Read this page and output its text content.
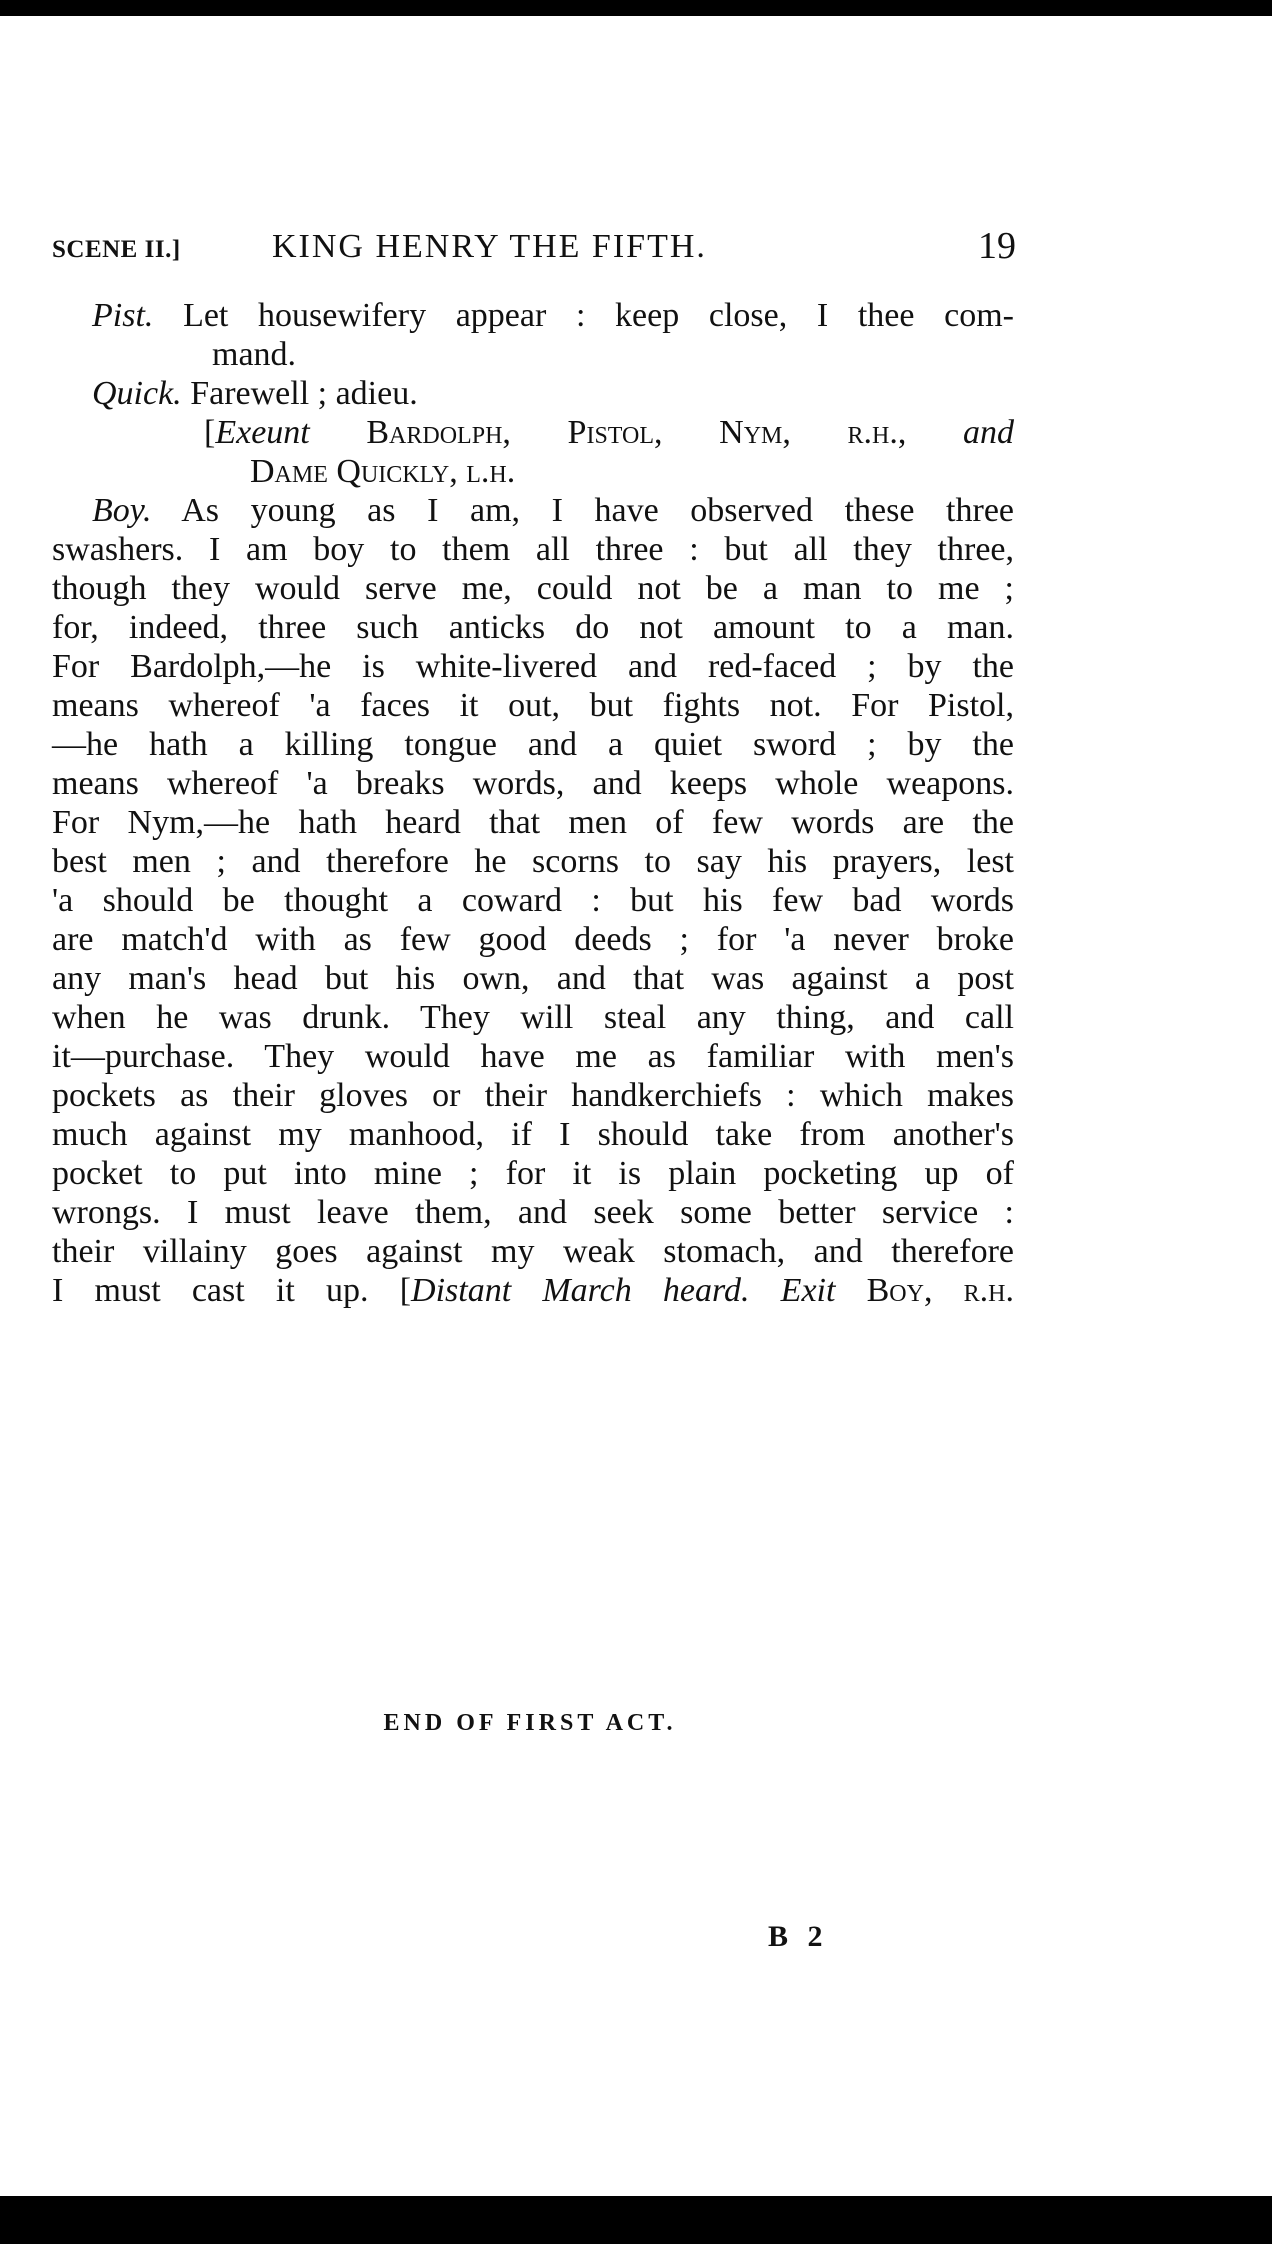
SCENE II.]	KING HENRY THE FIFTH.	19
Pist. Let housewifery appear : keep close, I thee com-
mand.
Quick. Farewell ; adieu.
[Exeunt Bardolph, Pistol, Nym, r.h., and
Dame Quickly, l.h.
Boy. As young as I am, I have observed these three
swashers. I am boy to them all three : but all they three,
though they would serve me, could not be a man to me ;
for, indeed, three such anticks do not amount to a man.
For Bardolph,—he is white-livered and red-faced ; by the
means whereof 'a faces it out, but fights not. For Pistol,
—he hath a killing tongue and a quiet sword ; by the
means whereof 'a breaks words, and keeps whole weapons.
For Nym,—he hath heard that men of few words are the
best men ; and therefore he scorns to say his prayers, lest
'a should be thought a coward : but his few bad words
are match'd with as few good deeds ; for 'a never broke
any man's head but his own, and that was against a post
when he was drunk. They will steal any thing, and call
it—purchase. They would have me as familiar with men's
pockets as their gloves or their handkerchiefs : which makes
much against my manhood, if I should take from another's
pocket to put into mine ; for it is plain pocketing up of
wrongs. I must leave them, and seek some better service :
their villainy goes against my weak stomach, and therefore
I must cast it up. [Distant March heard. Exit Boy, r.h.
END OF FIRST ACT.
B 2
